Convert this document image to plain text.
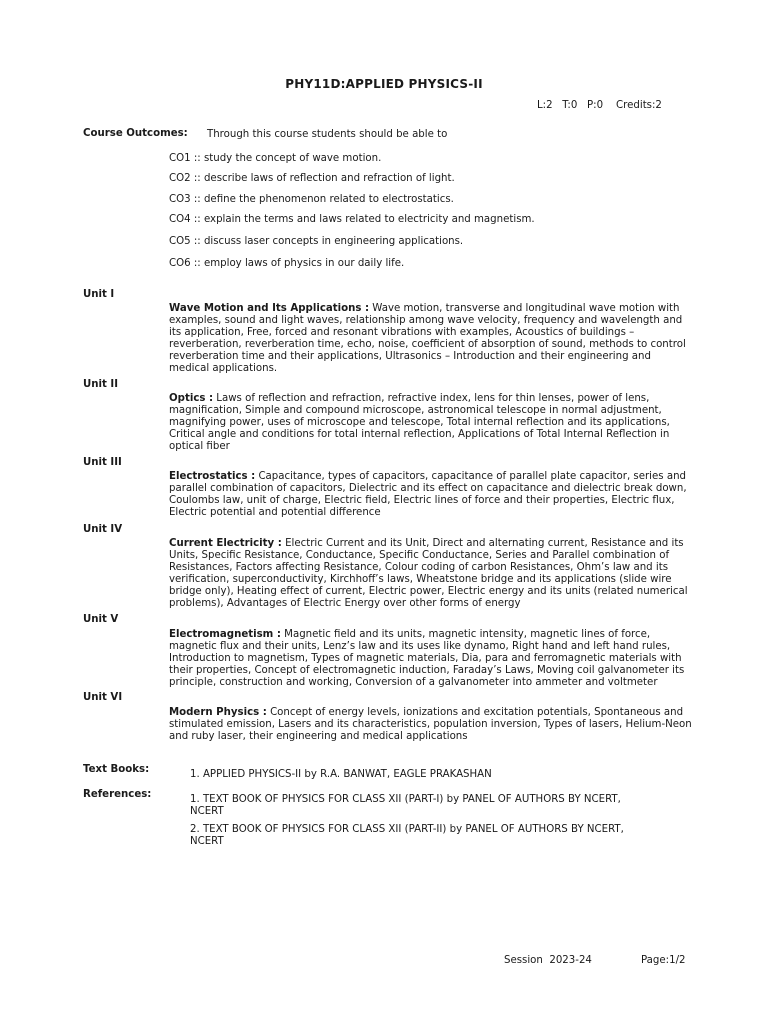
PHY11D:APPLIED PHYSICS-II
L:2   T:0   P:0    Credits:2
Course Outcomes: Through this course students should be able to
CO1 :: study the concept of wave motion.
CO2 :: describe laws of reflection and refraction of light.
CO3 :: define the phenomenon related to electrostatics.
CO4 :: explain the terms and laws related to electricity and magnetism.
CO5 :: discuss laser concepts in engineering applications.
CO6 :: employ laws of physics in our daily life.
Unit I
Wave Motion and Its Applications : Wave motion, transverse and longitudinal wave motion with
examples, sound and light waves, relationship among wave velocity, frequency and wavelength and
its application, Free, forced and resonant vibrations with examples, Acoustics of buildings –
reverberation, reverberation time, echo, noise, coefficient of absorption of sound, methods to control
reverberation time and their applications, Ultrasonics – Introduction and their engineering and
medical applications.
Unit II
Optics : Laws of reflection and refraction, refractive index, lens for thin lenses, power of lens,
magnification, Simple and compound microscope, astronomical telescope in normal adjustment,
magnifying power, uses of microscope and telescope, Total internal reflection and its applications,
Critical angle and conditions for total internal reflection, Applications of Total Internal Reflection in
optical fiber
Unit III
Electrostatics : Capacitance, types of capacitors, capacitance of parallel plate capacitor, series and
parallel combination of capacitors, Dielectric and its effect on capacitance and dielectric break down,
Coulombs law, unit of charge, Electric field, Electric lines of force and their properties, Electric flux,
Electric potential and potential difference
Unit IV
Current Electricity : Electric Current and its Unit, Direct and alternating current, Resistance and its
Units, Specific Resistance, Conductance, Specific Conductance, Series and Parallel combination of
Resistances, Factors affecting Resistance, Colour coding of carbon Resistances, Ohm’s law and its
verification, superconductivity, Kirchhoff’s laws, Wheatstone bridge and its applications (slide wire
bridge only), Heating effect of current, Electric power, Electric energy and its units (related numerical
problems), Advantages of Electric Energy over other forms of energy
Unit V
Electromagnetism : Magnetic field and its units, magnetic intensity, magnetic lines of force,
magnetic flux and their units, Lenz’s law and its uses like dynamo, Right hand and left hand rules,
Introduction to magnetism, Types of magnetic materials, Dia, para and ferromagnetic materials with
their properties, Concept of electromagnetic induction, Faraday’s Laws, Moving coil galvanometer its
principle, construction and working, Conversion of a galvanometer into ammeter and voltmeter
Unit VI
Modern Physics : Concept of energy levels, ionizations and excitation potentials, Spontaneous and
stimulated emission, Lasers and its characteristics, population inversion, Types of lasers, Helium-Neon
and ruby laser, their engineering and medical applications
Text Books:	1. APPLIED PHYSICS-II by R.A. BANWAT, EAGLE PRAKASHAN
References:	1. TEXT BOOK OF PHYSICS FOR CLASS XII (PART-I) by PANEL OF AUTHORS BY NCERT,
NCERT
2. TEXT BOOK OF PHYSICS FOR CLASS XII (PART-II) by PANEL OF AUTHORS BY NCERT,
NCERT
Session  2023-24	Page:1/2
